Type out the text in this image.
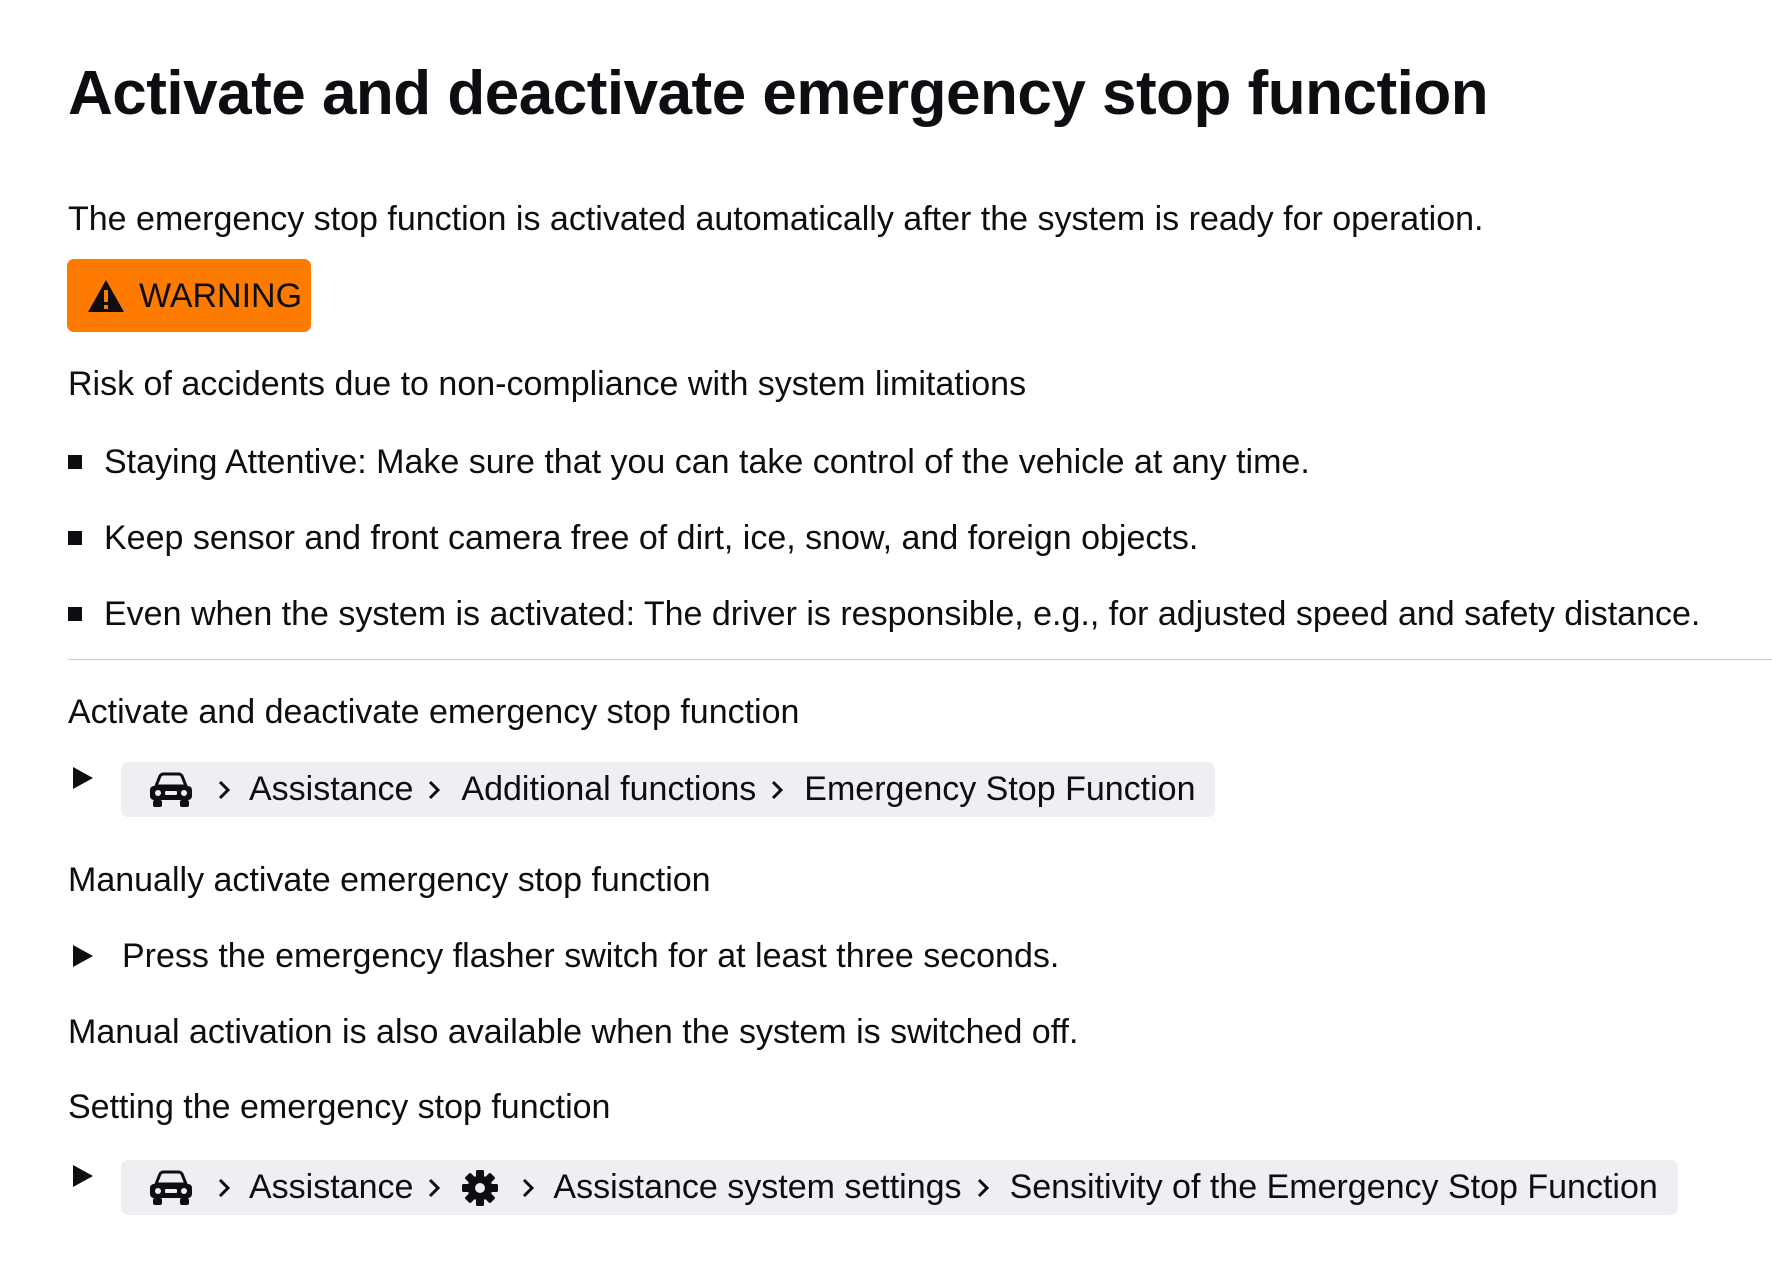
Activate and deactivate emergency stop function
The emergency stop function is activated automatically after the system is ready for operation.
WARNING
Risk of accidents due to non-compliance with system limitations
Staying Attentive: Make sure that you can take control of the vehicle at any time.
Keep sensor and front camera free of dirt, ice, snow, and foreign objects.
Even when the system is activated: The driver is responsible, e.g., for adjusted speed and safety distance.
Activate and deactivate emergency stop function
Assistance Additional functions Emergency Stop Function
Manually activate emergency stop function
Press the emergency flasher switch for at least three seconds.
Manual activation is also available when the system is switched off.
Setting the emergency stop function
Assistance	Assistance system settings Sensitivity of the Emergency Stop Function
